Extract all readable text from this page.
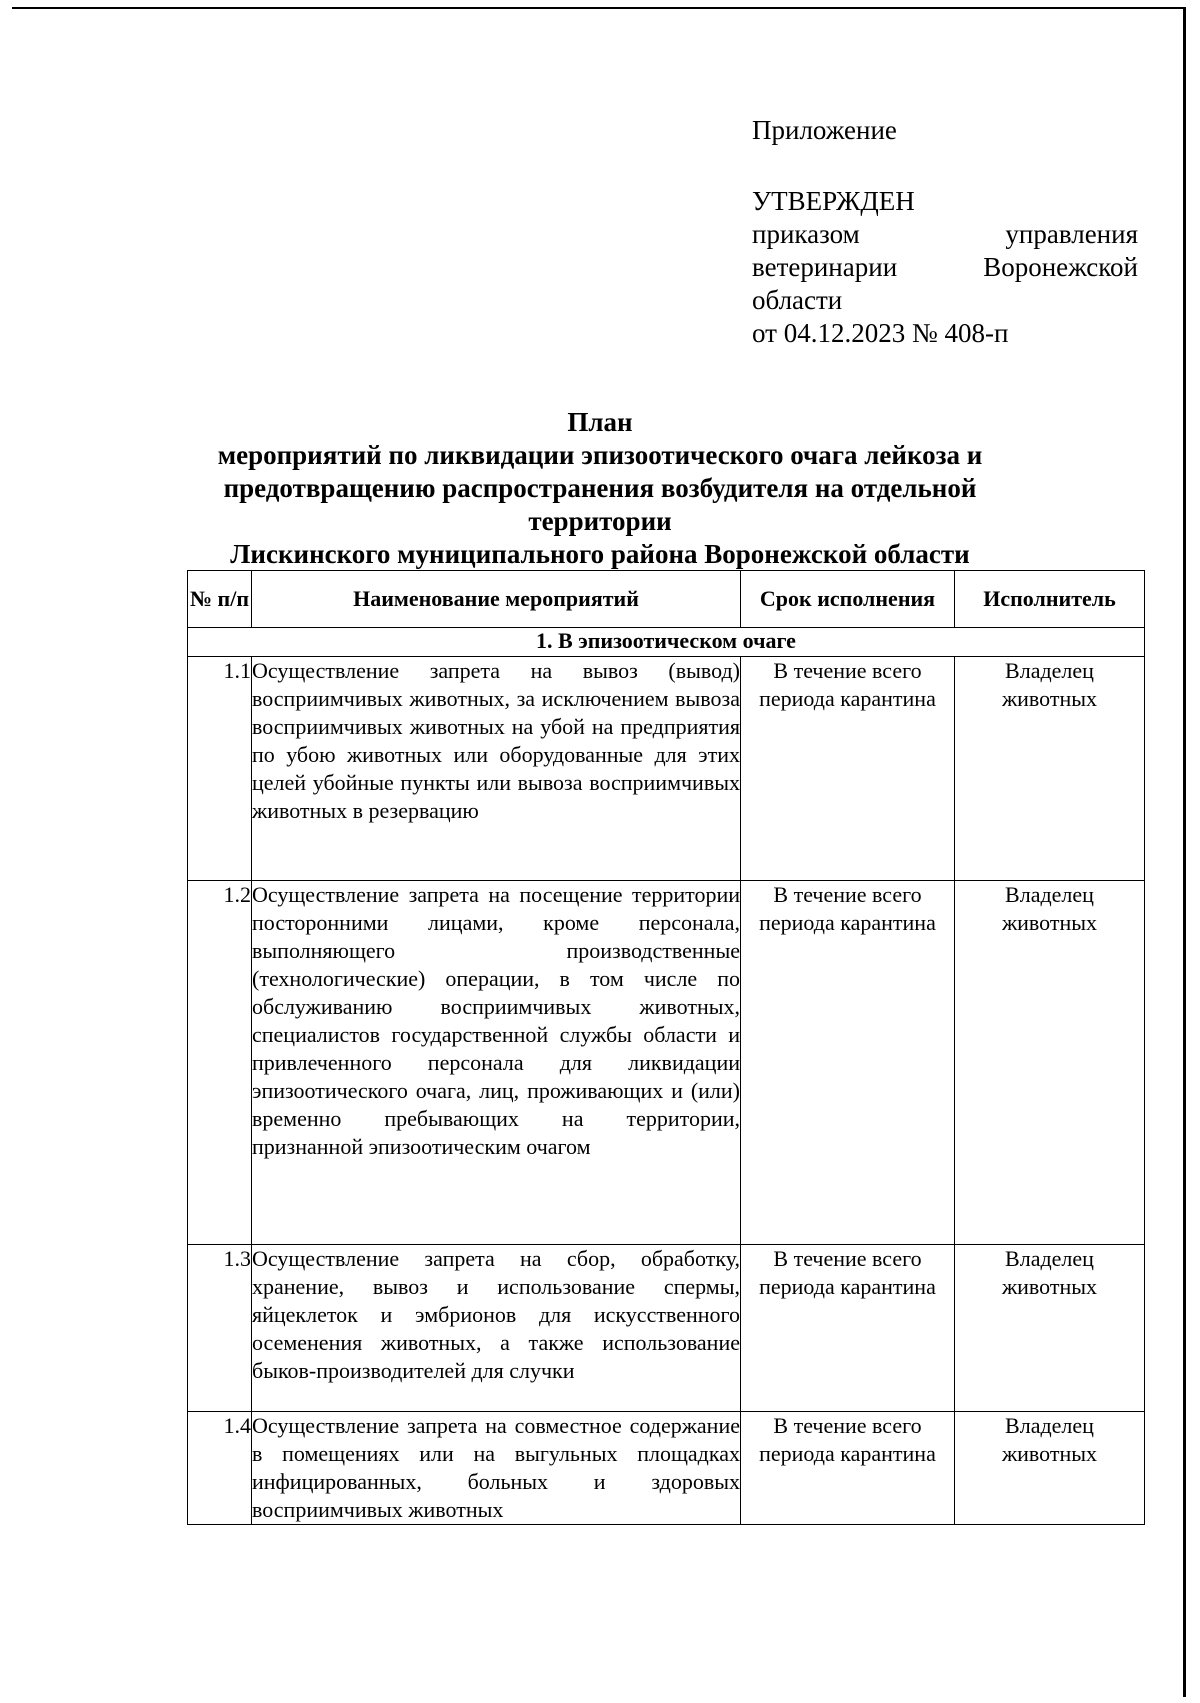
Приложение

УТВЕРЖДЕН

приказом управления

ветеринарии Воронежской

области

от 04.12.2023 № 408-п

План

мероприятий по ликвидации эпизоотического очага лейкоза и

предотвращению распространения возбудителя на отдельной территории

Лискинского муниципального района Воронежской области

№ п/п	Наименование мероприятий	Срок исполнения	Исполнитель
1. В эпизоотическом очаге			
1.1	Осуществление запрета на вывоз (вывод) восприимчивых животных, за исключением вывоза восприимчивых животных на убой на предприятия по убою животных или оборудованные для этих целей убойные пункты или вывоза восприимчивых животных в резервацию	В течение всего периода карантина	Владелец животных
1.2	Осуществление запрета на посещение территории посторонними лицами, кроме персонала, выполняющего производственные (технологические) операции, в том числе по обслуживанию восприимчивых животных, специалистов государственной службы области и привлеченного персонала для ликвидации эпизоотического очага, лиц, проживающих и (или) временно пребывающих на территории, признанной эпизоотическим очагом	В течение всего периода карантина	Владелец животных
1.3	Осуществление запрета на сбор, обработку, хранение, вывоз и использование спермы, яйцеклеток и эмбрионов для искусственного осеменения животных, а также использование быков-производителей для случки	В течение всего периода карантина	Владелец животных
1.4	Осуществление запрета на совместное содержание в помещениях или на выгульных площадках инфицированных, больных и здоровых восприимчивых животных	В течение всего периода карантина	Владелец животных
